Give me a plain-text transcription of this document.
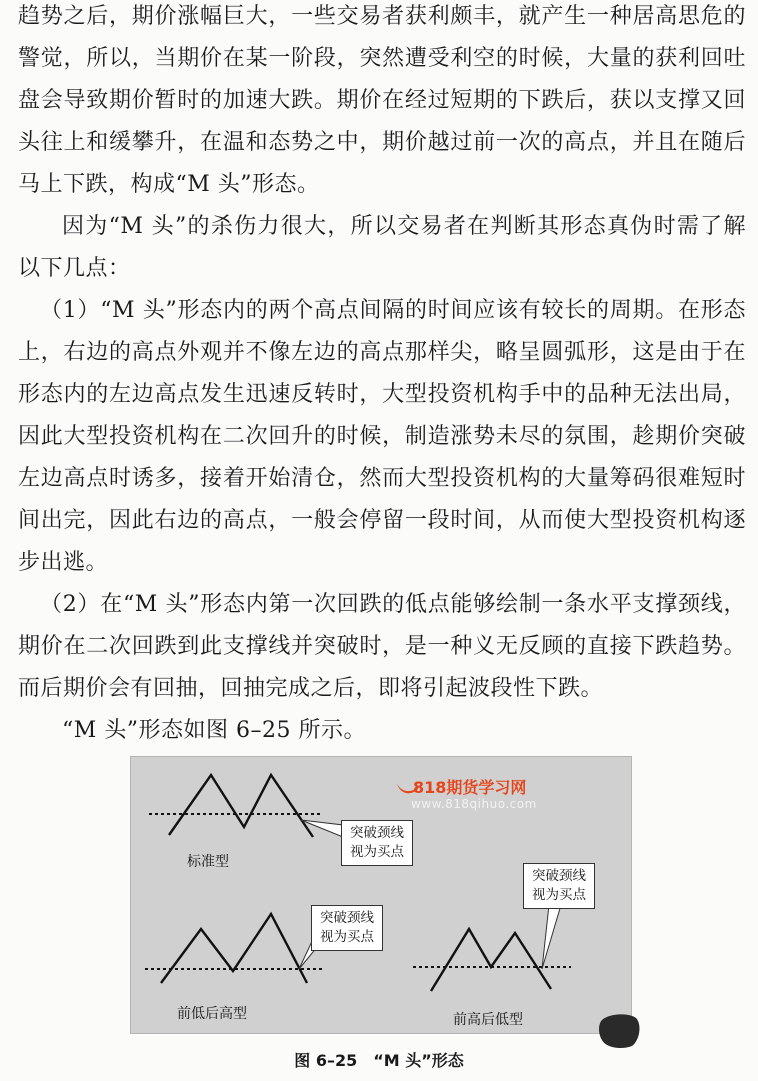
趋势之后，期价涨幅巨大，一些交易者获利颇丰，就产生一种居高思危的警觉，所以，当期价在某一阶段，突然遭受利空的时候，大量的获利回吐盘会导致期价暂时的加速大跌。期价在经过短期的下跌后，获以支撑又回头往上和缓攀升，在温和态势之中，期价越过前一次的高点，并且在随后马上下跌，构成“M 头”形态。

因为“M 头”的杀伤力很大，所以交易者在判断其形态真伪时需了解以下几点：

（1）“M 头”形态内的两个高点间隔的时间应该有较长的周期。在形态上，右边的高点外观并不像左边的高点那样尖，略呈圆弧形，这是由于在形态内的左边高点发生迅速反转时，大型投资机构手中的品种无法出局，因此大型投资机构在二次回升的时候，制造涨势未尽的氛围，趁期价突破左边高点时诱多，接着开始清仓，然而大型投资机构的大量筹码很难短时间出完，因此右边的高点，一般会停留一段时间，从而使大型投资机构逐步出逃。

（2）在“M 头”形态内第一次回跌的低点能够绘制一条水平支撑颈线，期价在二次回跌到此支撑线并突破时，是一种义无反顾的直接下跌趋势。而后期价会有回抽，回抽完成之后，即将引起波段性下跌。

“M 头”形态如图 6–25 所示。

818期货学习网
www.818qihuo.com
标准型
前低后高型	前高后低型
突破颈线
视为买点
突破颈线
视为买点
突破颈线
视为买点
图 6–25　“M 头”形态
